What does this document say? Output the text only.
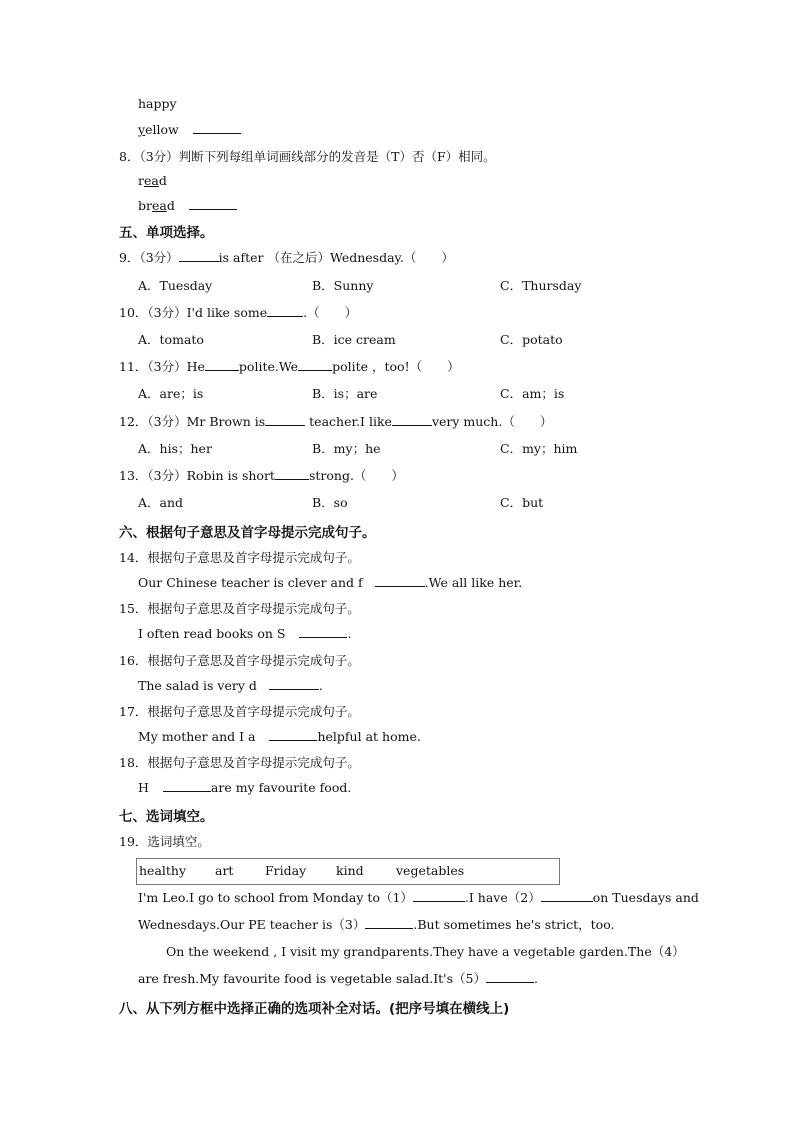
happy
yellow
8．（3分）判断下列每组单词画线部分的发音是（T）否（F）相同。
read
bread
五、单项选择。
9．（3分）	is after （在之后）Wednesday.（　　）
A．Tuesday	B．Sunny	C．Thursday
10．（3分）I'd like some	.（　　）
A．tomato	B．ice cream	C．potato
11．（3分）He	polite.We	polite ，too!（　　）
A．are；is	B．is；are	C．am；is
12．（3分）Mr Brown is	teacher.I like	very much.（　　）
A．his；her	B．my；he	C．my；him
13．（3分）Robin is short	strong.（　　）
A．and	B．so	C．but
六、根据句子意思及首字母提示完成句子。
14．根据句子意思及首字母提示完成句子。
Our Chinese teacher is clever and f	.We all like her.
15．根据句子意思及首字母提示完成句子。
I often read books on S	.
16．根据句子意思及首字母提示完成句子。
The salad is very d	.
17．根据句子意思及首字母提示完成句子。
My mother and I a	helpful at home.
18．根据句子意思及首字母提示完成句子。
H	are my favourite food.
七、选词填空。
19．选词填空。
healthy art	Friday kind	vegetables
I'm Leo.I go to school from Monday to（1）	.I have（2）	on Tuesdays and
Wednesdays.Our PE teacher is（3）	.But sometimes he's strict，too.
On the weekend , I visit my grandparents.They have a vegetable garden.The（4）
are fresh.My favourite food is vegetable salad.It's（5）	.
八、从下列方框中选择正确的选项补全对话。(把序号填在横线上)
